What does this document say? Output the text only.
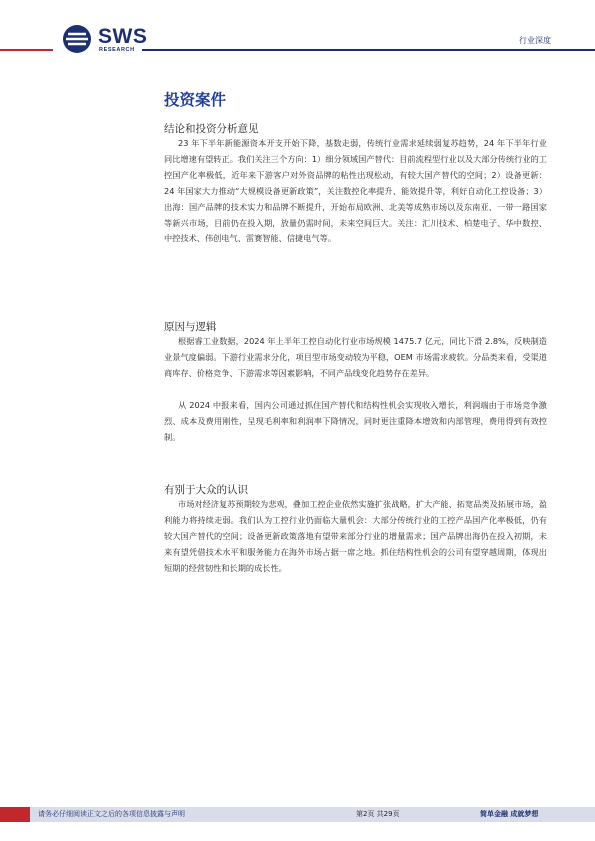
SWS
RESEARCH
行业深度
投资案件
结论和投资分析意见

23 年下半年新能源资本开支开始下降，基数走弱，传统行业需求延续弱复苏趋势，24 年下半年行业同比增速有望转正。我们关注三个方向：1）细分领域国产替代：目前流程型行业以及大部分传统行业的工控国产化率极低，近年来下游客户对外资品牌的粘性出现松动，有较大国产替代的空间；2）设备更新：24 年国家大力推动“大规模设备更新政策”，关注数控化率提升、能效提升等，利好自动化工控设备；3）出海：国产品牌的技术实力和品牌不断提升，开始布局欧洲、北美等成熟市场以及东南亚、一带一路国家等新兴市场，目前仍在投入期，放量仍需时间，未来空间巨大。关注：汇川技术、柏楚电子、华中数控、中控技术、伟创电气、雷赛智能、信捷电气等。

原因与逻辑

根据睿工业数据，2024 年上半年工控自动化行业市场规模 1475.7 亿元，同比下滑 2.8%，反映制造业景气度偏弱。下游行业需求分化，项目型市场变动较为平稳，OEM 市场需求疲软。分品类来看，受渠道商库存、价格竞争、下游需求等因素影响，不同产品线变化趋势存在差异。

从 2024 中报来看，国内公司通过抓住国产替代和结构性机会实现收入增长，利润端由于市场竞争激烈、成本及费用刚性，呈现毛利率和利润率下降情况，同时更注重降本增效和内部管理，费用得到有效控制。

有别于大众的认识

市场对经济复苏预期较为悲观，叠加工控企业依然实施扩张战略，扩大产能、拓宽品类及拓展市场，盈利能力将持续走弱。我们认为工控行业仍面临大量机会：大部分传统行业的工控产品国产化率极低，仍有较大国产替代的空间；设备更新政策落地有望带来部分行业的增量需求；国产品牌出海仍在投入初期，未来有望凭借技术水平和服务能力在海外市场占据一席之地。抓住结构性机会的公司有望穿越周期，体现出短期的经营韧性和长期的成长性。

请务必仔细阅读正文之后的各项信息披露与声明	第2页 共29页	简单金融 成就梦想
